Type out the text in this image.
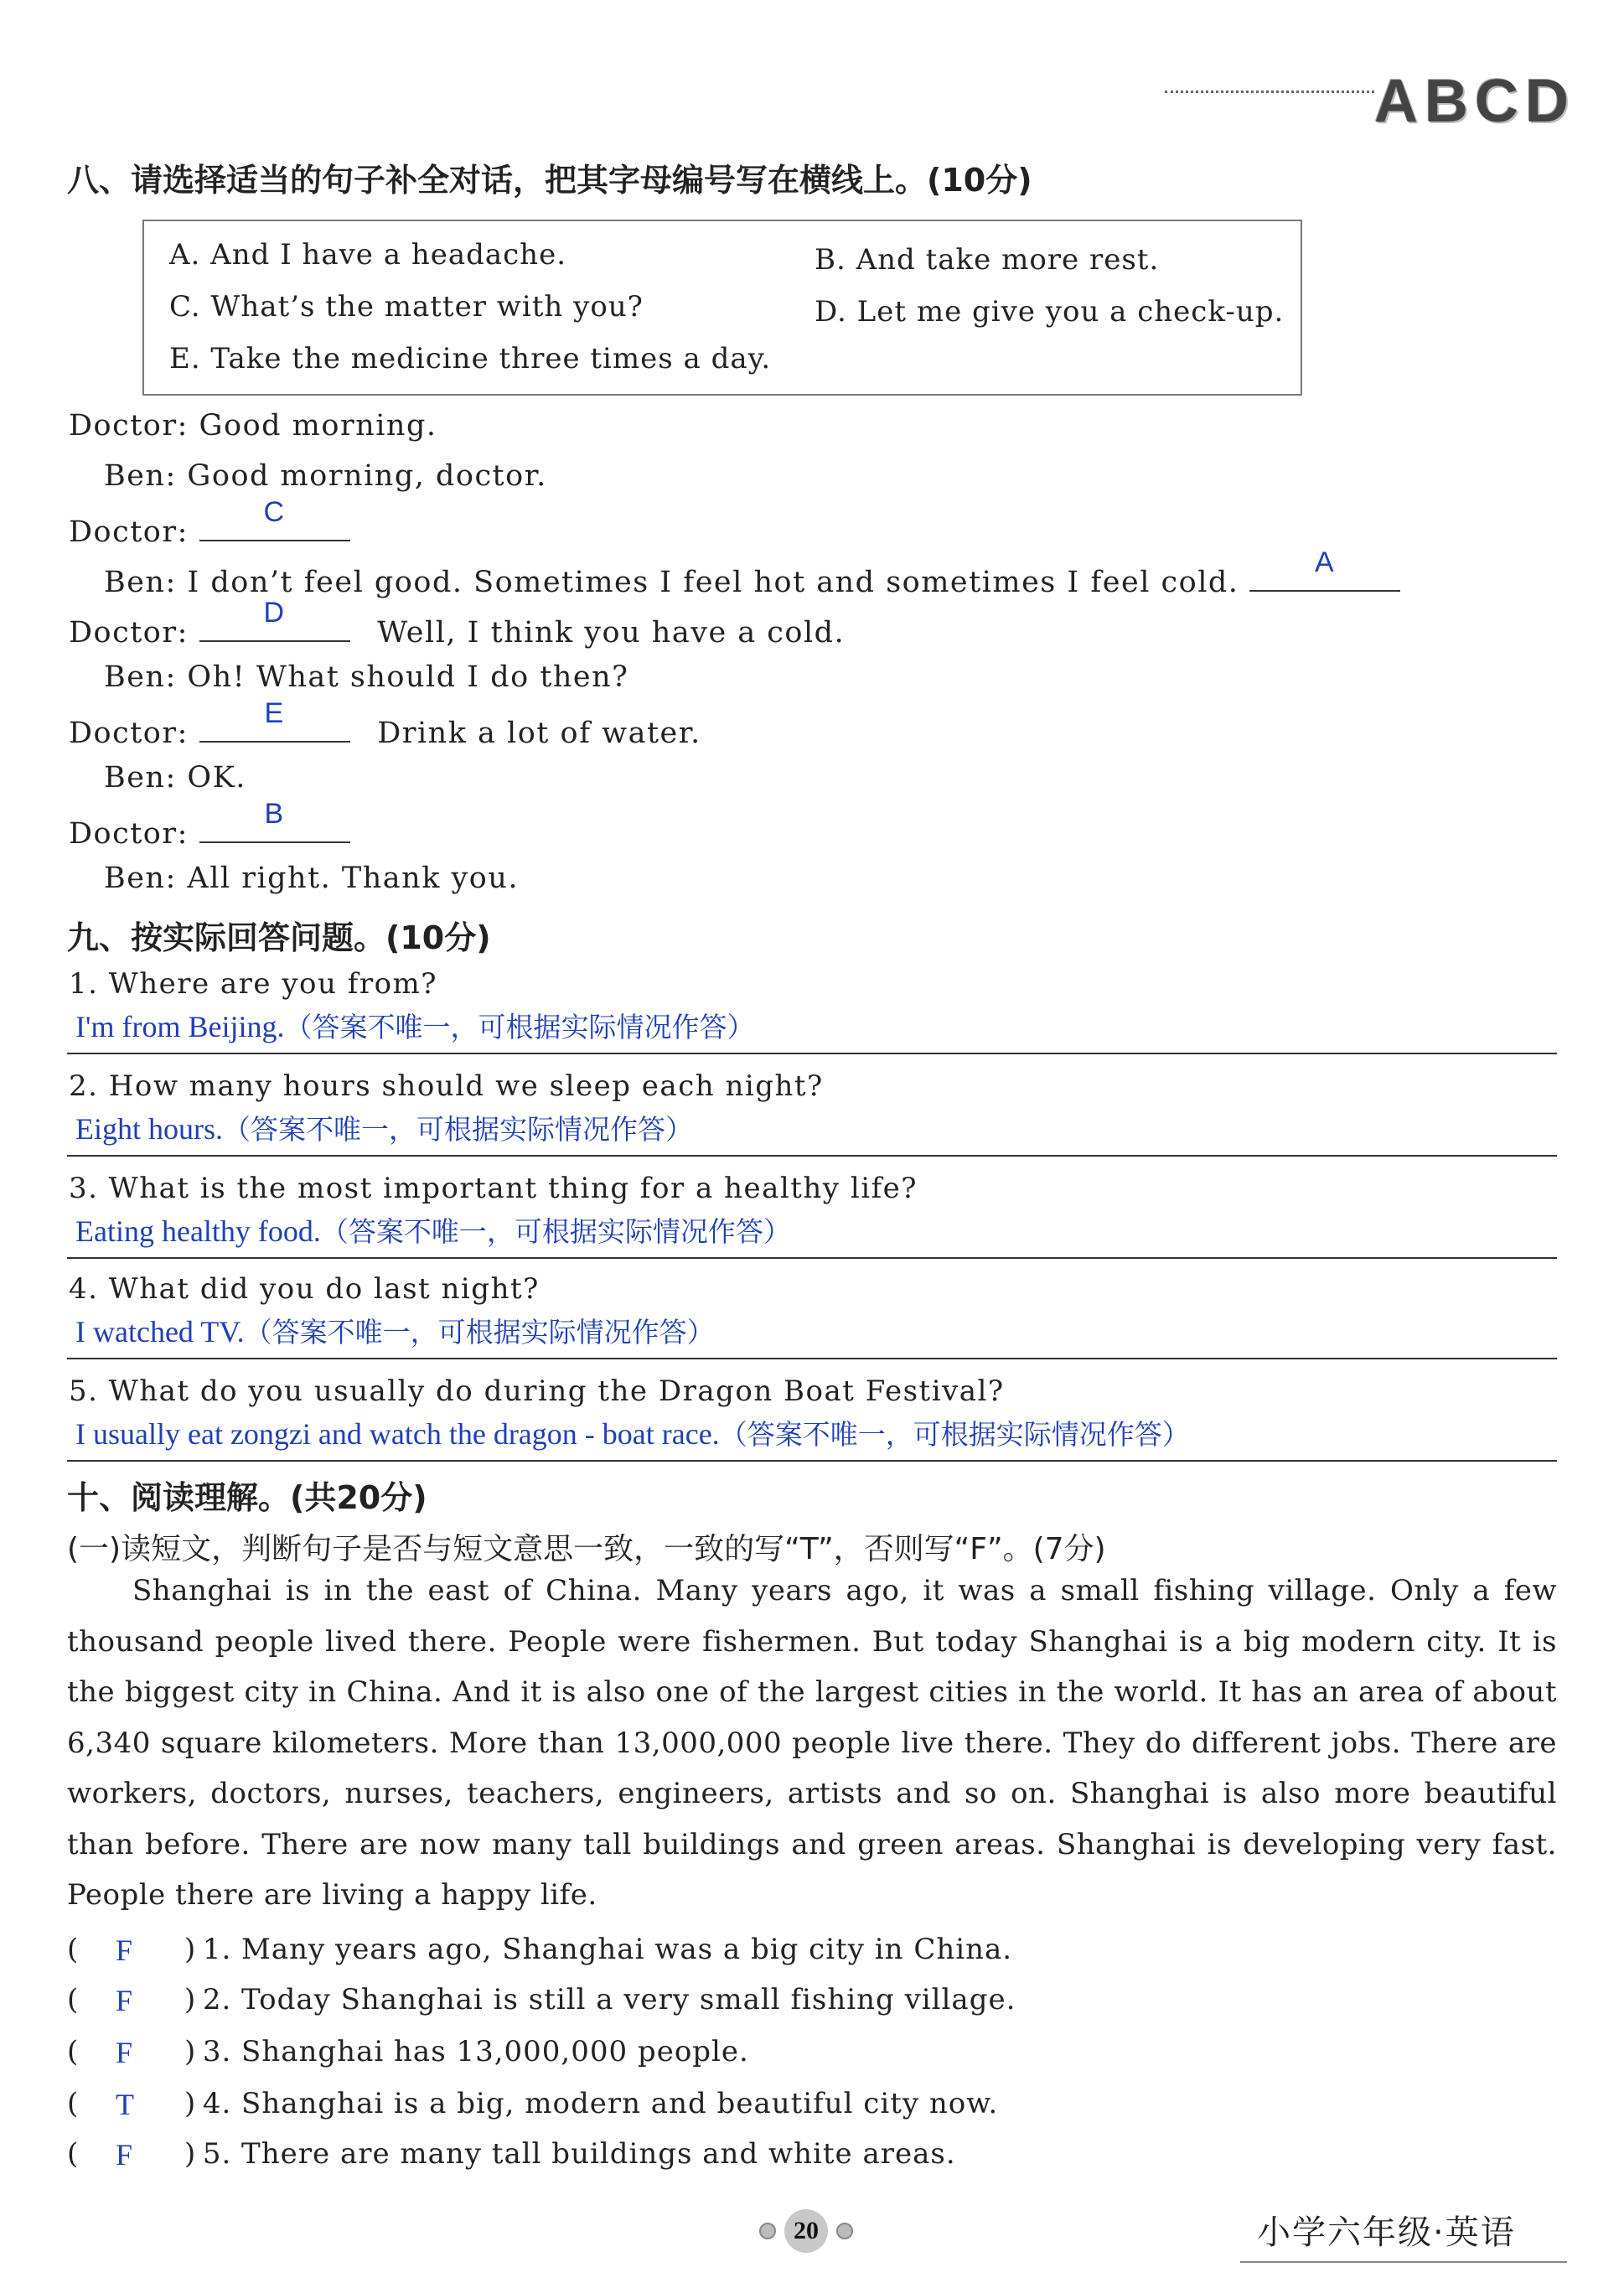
A B C D
八、请选择适当的句子补全对话，把其字母编号写在横线上。(10分)
A. And I have a headache.	B. And take more rest.
C. What’s the matter with you?	D. Let me give you a check-up.
E. Take the medicine three times a day.
Doctor: Good morning.
Ben: Good morning, doctor.
Doctor:
C
Ben: I don’t feel good. Sometimes I feel hot and sometimes I feel cold.
A
Doctor:
D
Well, I think you have a cold.
Ben: Oh! What should I do then?
Doctor:
E
Drink a lot of water.
Ben: OK.
Doctor:
B
Ben: All right. Thank you.
九、按实际回答问题。(10分)
1. Where are you from?
I'm from Beijing.（答案不唯一，可根据实际情况作答）
2. How many hours should we sleep each night?
Eight hours.（答案不唯一，可根据实际情况作答）
3. What is the most important thing for a healthy life?
Eating healthy food.（答案不唯一，可根据实际情况作答）
4. What did you do last night?
I watched TV.（答案不唯一，可根据实际情况作答）
5. What do you usually do during the Dragon Boat Festival?
I usually eat zongzi and watch the dragon - boat race.（答案不唯一，可根据实际情况作答）
十、阅读理解。(共20分)
(一)读短文，判断句子是否与短文意思一致，一致的写“T”，否则写“F”。(7分)

Shanghai is in the east of China. Many years ago, it was a small fishing village. Only a few thousand people lived there. People were fishermen. But today Shanghai is a big modern city. It is the biggest city in China. And it is also one of the largest cities in the world. It has an area of about 6,340 square kilometers. More than 13,000,000 people live there. They do different jobs. There are workers, doctors, nurses, teachers, engineers, artists and so on. Shanghai is also more beautiful than before. There are now many tall buildings and green areas. Shanghai is developing very fast. People there are living a happy life.

( F ) 1. Many years ago, Shanghai was a big city in China.
( F ) 2. Today Shanghai is still a very small fishing village.
( F ) 3. Shanghai has 13,000,000 people.
( T ) 4. Shanghai is a big, modern and beautiful city now.
( F ) 5. There are many tall buildings and white areas.
20	小学六年级·英语
